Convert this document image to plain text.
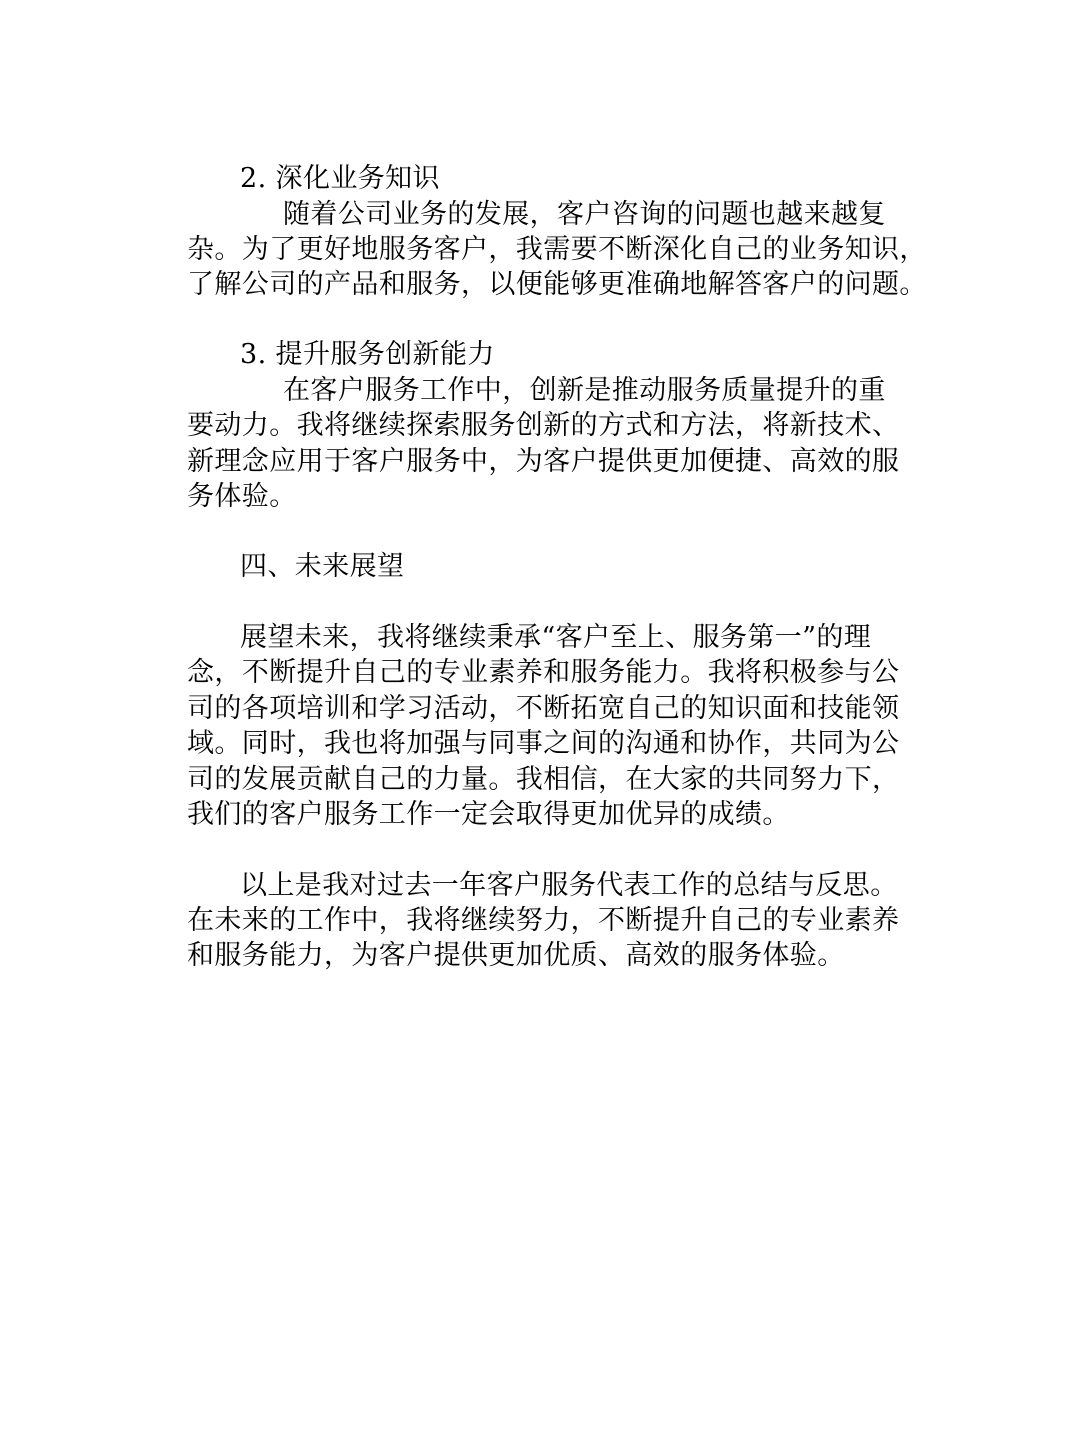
2. 深化业务知识
随着公司业务的发展，客户咨询的问题也越来越复
杂。为了更好地服务客户，我需要不断深化自己的业务知识，
了解公司的产品和服务，以便能够更准确地解答客户的问题。
3. 提升服务创新能力
在客户服务工作中，创新是推动服务质量提升的重
要动力。我将继续探索服务创新的方式和方法，将新技术、
新理念应用于客户服务中，为客户提供更加便捷、高效的服
务体验。
四、未来展望
展望未来，我将继续秉承“客户至上、服务第一”的理
念，不断提升自己的专业素养和服务能力。我将积极参与公
司的各项培训和学习活动，不断拓宽自己的知识面和技能领
域。同时，我也将加强与同事之间的沟通和协作，共同为公
司的发展贡献自己的力量。我相信，在大家的共同努力下，
我们的客户服务工作一定会取得更加优异的成绩。
以上是我对过去一年客户服务代表工作的总结与反思。
在未来的工作中，我将继续努力，不断提升自己的专业素养
和服务能力，为客户提供更加优质、高效的服务体验。
